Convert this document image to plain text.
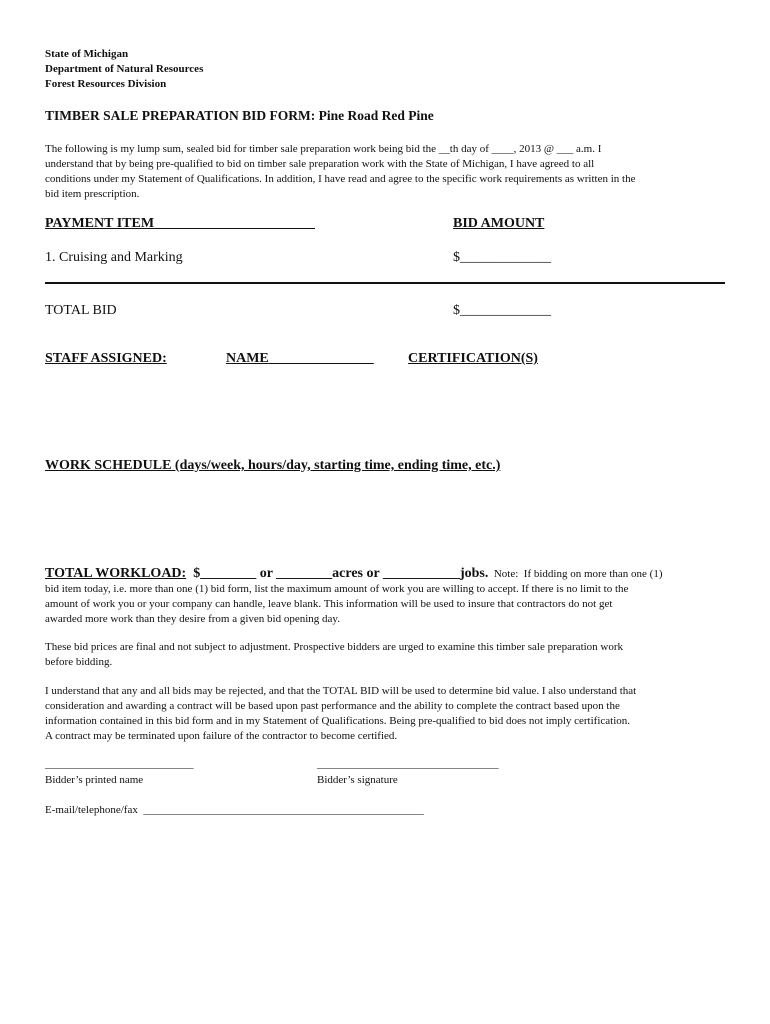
State of Michigan
Department of Natural Resources
Forest Resources Division
TIMBER SALE PREPARATION BID FORM: Pine Road Red Pine
The following is my lump sum, sealed bid for timber sale preparation work being bid the __th day of ____, 2013 @ ___ a.m. I
understand that by being pre-qualified to bid on timber sale preparation work with the State of Michigan, I have agreed to all
conditions under my Statement of Qualifications. In addition, I have read and agree to the specific work requirements as written in the
bid item prescription.
PAYMENT ITEM	BID AMOUNT
1. Cruising and Marking	$_____________
TOTAL BID	$_____________
STAFF ASSIGNED:	NAME	CERTIFICATION(S)
WORK SCHEDULE (days/week, hours/day, starting time, ending time, etc.)
TOTAL WORKLOAD:  $________ or ________acres or ___________jobs.  Note:  If bidding on more than one (1)
bid item today, i.e. more than one (1) bid form, list the maximum amount of work you are willing to accept. If there is no limit to the
amount of work you or your company can handle, leave blank. This information will be used to insure that contractors do not get
awarded more work than they desire from a given bid opening day.
These bid prices are final and not subject to adjustment. Prospective bidders are urged to examine this timber sale preparation work
before bidding.
I understand that any and all bids may be rejected, and that the TOTAL BID will be used to determine bid value. I also understand that
consideration and awarding a contract will be based upon past performance and the ability to complete the contract based upon the
information contained in this bid form and in my Statement of Qualifications. Being pre-qualified to bid does not imply certification.
A contract may be terminated upon failure of the contractor to become certified.
___________________________	_________________________________
Bidder’s printed name	Bidder’s signature
E-mail/telephone/fax  ___________________________________________________
